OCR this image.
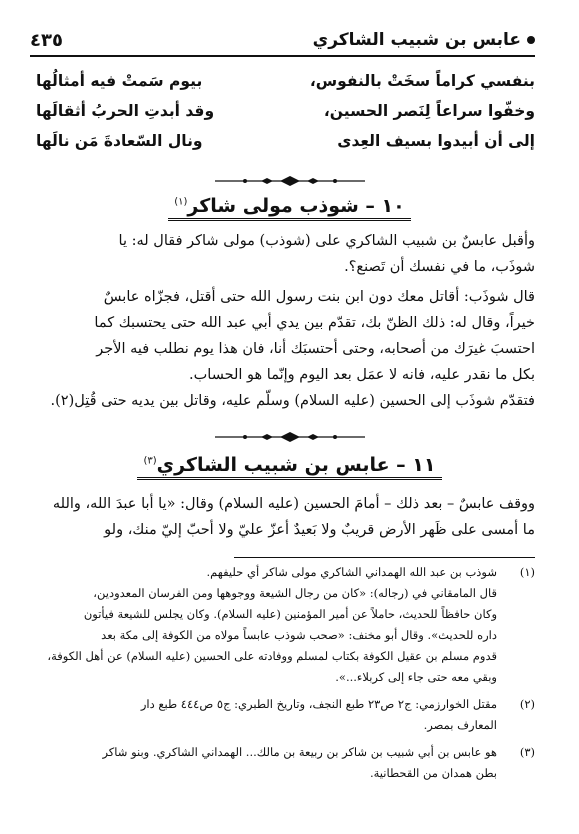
عابس بن شبيب الشاكري
٤٣٥
بنفسي كراماً سخَتْ بالنفوس،
بيوم سَمتْ فيه أمثالُها
وخفّوا سراعاً لِنَصر الحسين،
وقد أبدتِ الحربُ أثقالَها
إلى أن أبيدوا بسيف العِدى
ونال السّعادةَ مَن نالَها
١٠ – شوذب مولى شاكر$^{(١)}$

وأقبل عابسٌ بن شبيب الشاكري على (شوذب) مولى شاكر فقال له: يا

شوذَب، ما في نفسك أن تَصنع؟.

قال شوذَب: أقاتل معك دون ابن بنت رسول الله حتى أقتل، فجزّاه عابسٌ

خيراً، وقال له: ذلك الظنّ بك، تقدّم بين يدي أبي عبد الله حتى يحتسبك كما

احتسبَ غيرَك من أصحابه، وحتى أحتسبَك أنا، فان هذا يوم نطلب فيه الأجر

بكل ما نقدر عليه، فانه لا عمَل بعد اليوم وإنّما هو الحساب.

فتقدّم شوذَب إلى الحسين (عليه السلام) وسلّم عليه، وقاتل بين يديه حتى قُتِل(٢).

١١ – عابس بن شبيب الشاكري$^{(٣)}$

ووقف عابسٌ – بعد ذلك – أمامَ الحسين (عليه السلام) وقال: «يا أبا عبدَ الله، والله

ما أمسى على ظَهر الأرض قريبٌ ولا بَعيدٌ أعزّ عليّ ولا أحبّ إليّ منك، ولو

(١)
شوذب بن عبد الله الهمداني الشاكري مولى شاكر أي حليفهم.
قال المامقاني في (رجاله): «كان من رجال الشيعة ووجوهها ومن الفرسان المعدودين،
وكان حافظاً للحديث، حاملاً عن أمير المؤمنين (عليه السلام). وكان يجلس للشيعة فيأتون
داره للحديث». وقال أبو مخنف: «صحب شوذب عابساً مولاه من الكوفة إلى مكة بعد
قدوم مسلم بن عقيل الكوفة بكتاب لمسلم ووفادته على الحسين (عليه السلام) عن أهل الكوفة،
وبقي معه حتى جاء إلى كربلاء...».
(٢)
مقتل الخوارزمي: ج٢ ص٢٣ طبع النجف، وتاريخ الطبري: ج٥ ص٤٤٤ طبع دار
المعارف بمصر.
(٣)
هو عابس بن أبي شبيب بن شاكر بن ربيعة بن مالك... الهمداني الشاكري. وبنو شاكر
بطن همدان من القحطانية.
